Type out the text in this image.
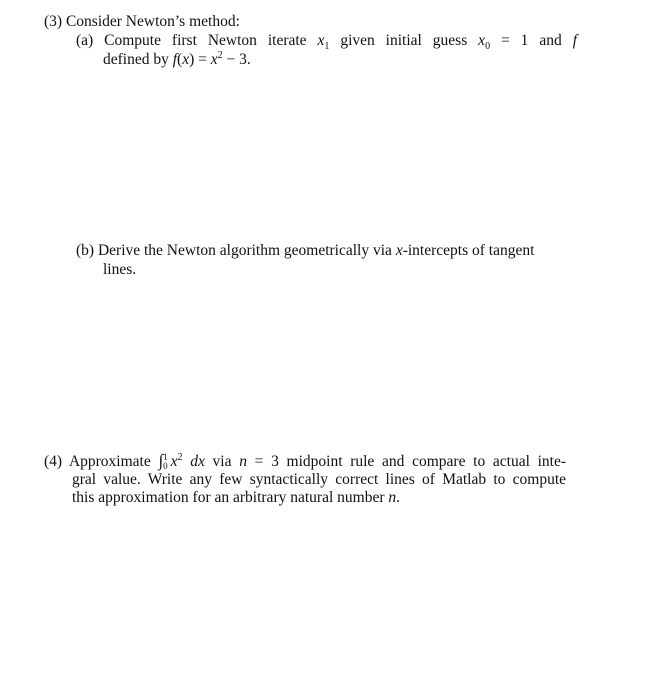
(3) Consider Newton’s method:
(a) Compute first Newton iterate $x_1$ given initial guess $x_0 = 1$ and f
defined by $f(x) = x^2 - 3$.
(b) Derive the Newton algorithm geometrically via x-intercepts of tangent
lines.
(4) Approximate ∫1
0 $x^2$ dx via n = 3 midpoint rule and compare to actual inte-
gral value. Write any few syntactically correct lines of Matlab to compute
this approximation for an arbitrary natural number n.
